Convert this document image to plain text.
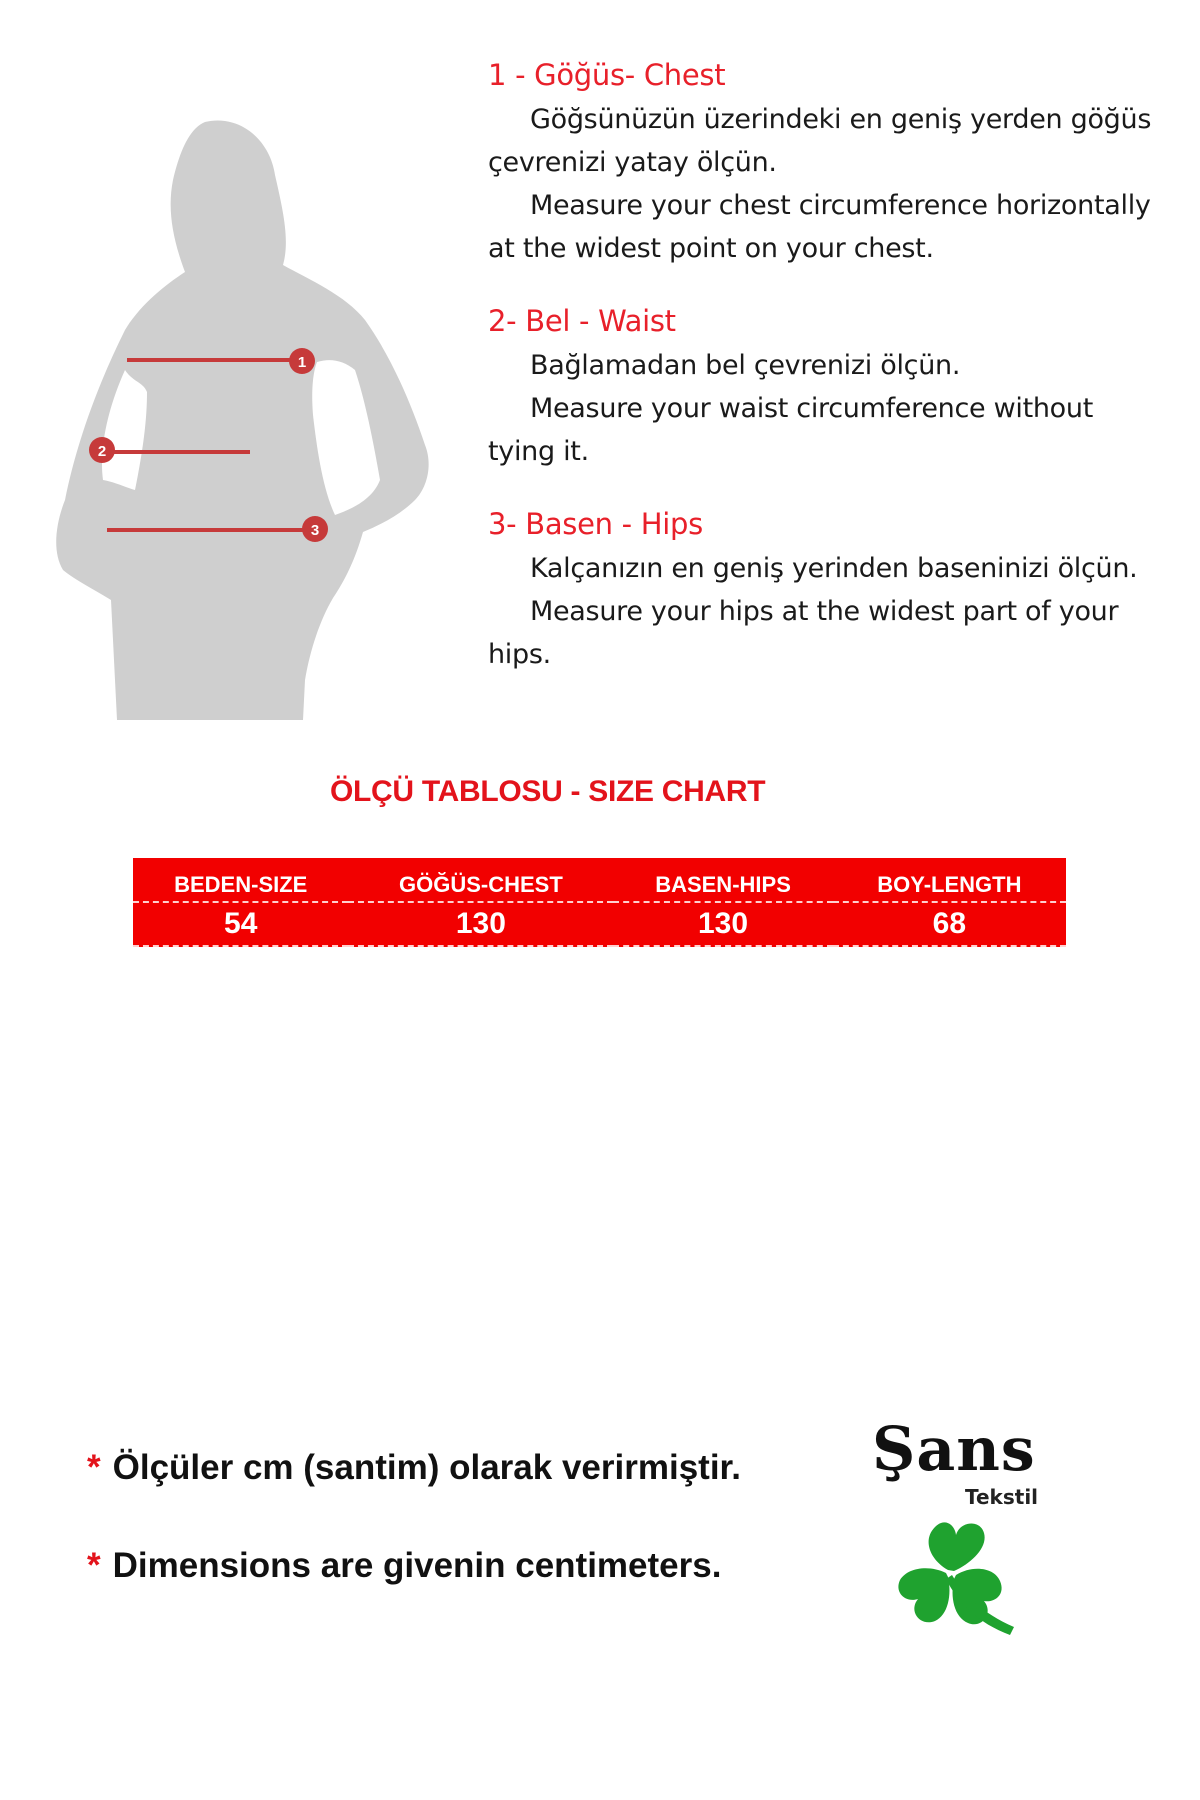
1
2
3
1 - Göğüs- Chest

Göğsünüzün üzerindeki en geniş yerden göğüs çevrenizi yatay ölçün.

Measure your chest circumference horizontally at the widest point on your chest.

2- Bel - Waist

Bağlamadan bel çevrenizi ölçün.

Measure your waist circumference without tying it.

3- Basen - Hips

Kalçanızın en geniş yerinden baseninizi ölçün.

Measure your hips at the widest part of your hips.

ÖLÇÜ TABLOSU - SIZE CHART
BEDEN-SIZE	GÖĞÜS-CHEST	BASEN-HIPS	BOY-LENGTH
54	130	130	68
* Ölçüler cm (santim) olarak verirmiştir.
* Dimensions are givenin centimeters.
Şans
Tekstil
